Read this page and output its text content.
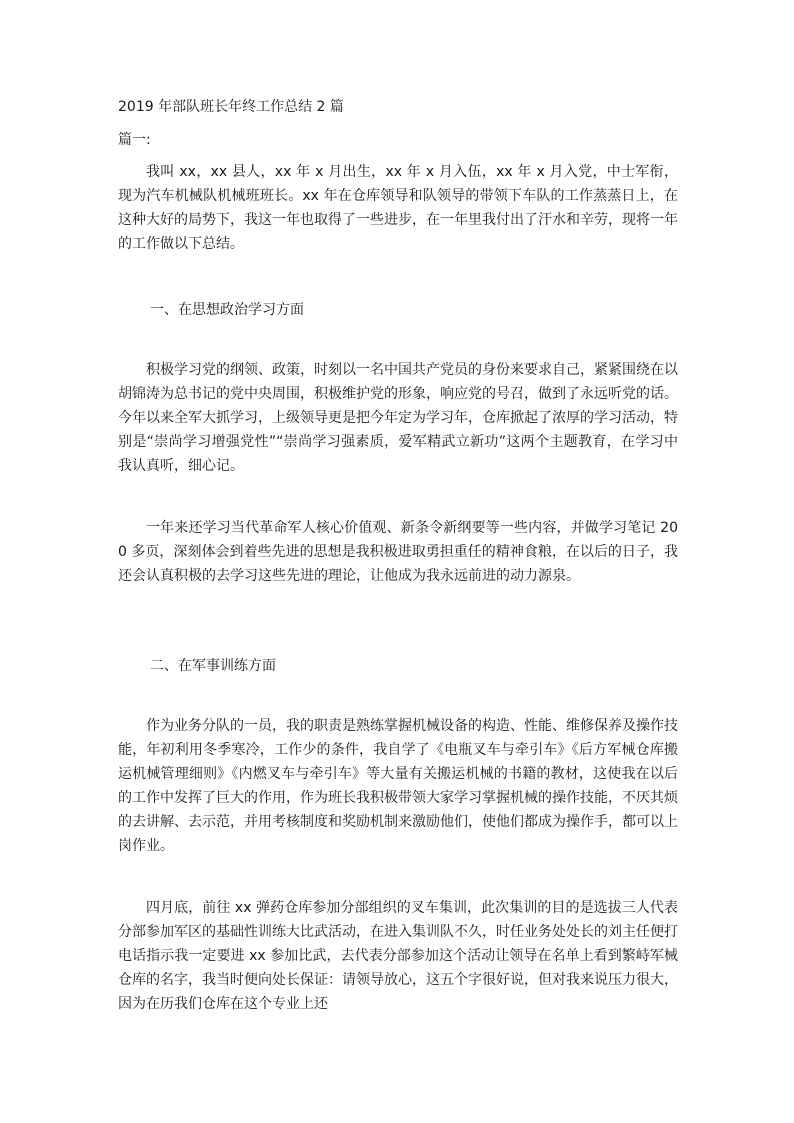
2019 年部队班长年终工作总结 2 篇
篇一:

我叫 xx，xx 县人，xx 年 x 月出生，xx 年 x 月入伍，xx 年 x 月入党，中士军衔，现为汽车机械队机械班班长。xx 年在仓库领导和队领导的带领下车队的工作蒸蒸日上，在这种大好的局势下，我这一年也取得了一些进步，在一年里我付出了汗水和辛劳，现将一年的工作做以下总结。

一、在思想政治学习方面

积极学习党的纲领、政策，时刻以一名中国共产党员的身份来要求自己，紧紧围绕在以胡锦涛为总书记的党中央周围，积极维护党的形象，响应党的号召，做到了永远听党的话。今年以来全军大抓学习，上级领导更是把今年定为学习年，仓库掀起了浓厚的学习活动，特别是“崇尚学习增强党性”“崇尚学习强素质，爱军精武立新功”这两个主题教育，在学习中我认真听，细心记。

一年来还学习当代革命军人核心价值观、新条令新纲要等一些内容，并做学习笔记 200 多页，深刻体会到着些先进的思想是我积极进取勇担重任的精神食粮，在以后的日子，我还会认真积极的去学习这些先进的理论，让他成为我永远前进的动力源泉。

二、在军事训练方面

作为业务分队的一员，我的职责是熟练掌握机械设备的构造、性能、维修保养及操作技能，年初利用冬季寒冷，工作少的条件，我自学了《电瓶叉车与牵引车》《后方军械仓库搬运机械管理细则》《内燃叉车与牵引车》等大量有关搬运机械的书籍的教材，这使我在以后的工作中发挥了巨大的作用，作为班长我积极带领大家学习掌握机械的操作技能，不厌其烦的去讲解、去示范，并用考核制度和奖励机制来激励他们，使他们都成为操作手，都可以上岗作业。

四月底，前往 xx 弹药仓库参加分部组织的叉车集训，此次集训的目的是选拔三人代表分部参加军区的基础性训练大比武活动，在进入集训队不久，时任业务处处长的刘主任便打电话指示我一定要进 xx 参加比武，去代表分部参加这个活动让领导在名单上看到繁峙军械仓库的名字，我当时便向处长保证：请领导放心，这五个字很好说，但对我来说压力很大，因为在历我们仓库在这个专业上还
